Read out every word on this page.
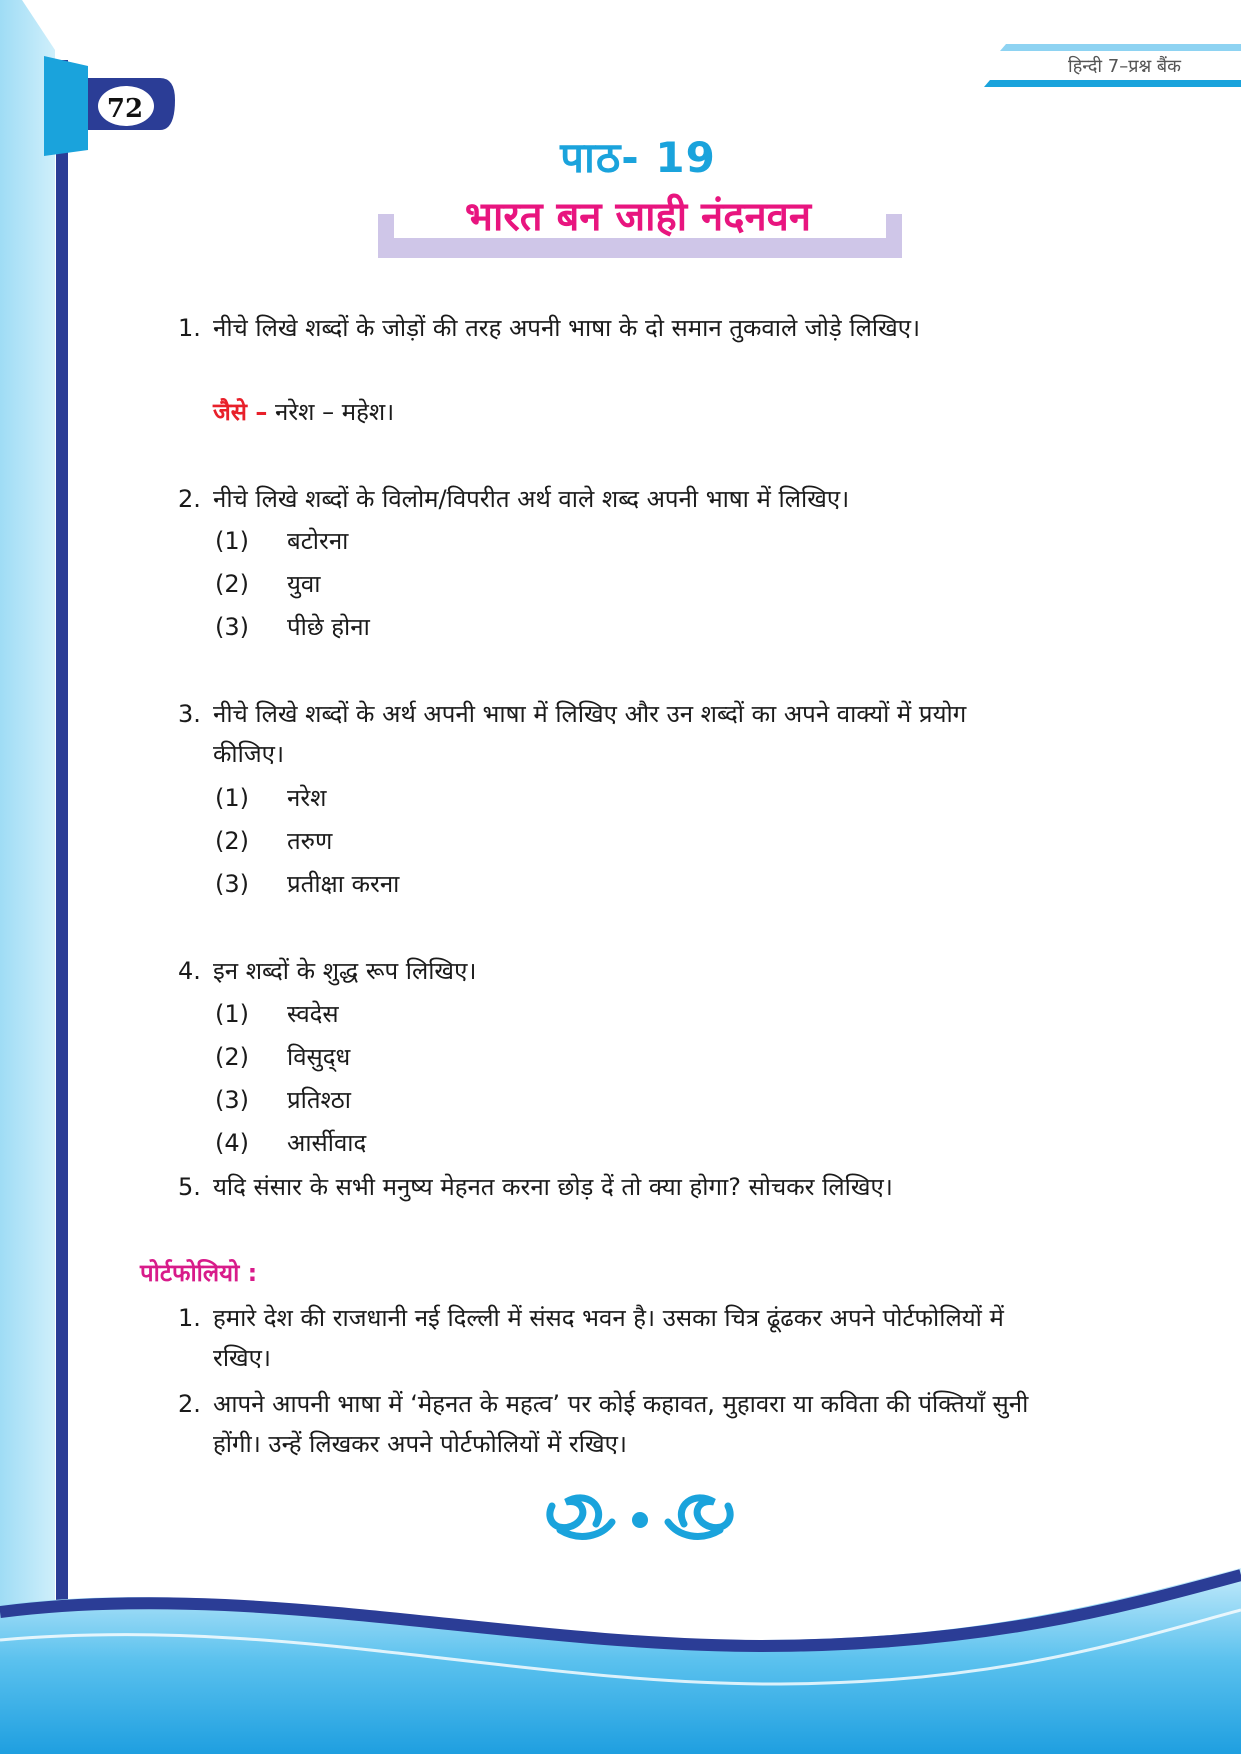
72
हिन्दी 7–प्रश्न बैंक
पाठ- 19
भारत बन जाही नंदनवन
1. नीचे लिखे शब्दों के जोड़ों की तरह अपनी भाषा के दो समान तुकवाले जोड़े लिखिए।
जैसे – नरेश – महेश।
2. नीचे लिखे शब्दों के विलोम/विपरीत अर्थ वाले शब्द अपनी भाषा में लिखिए।
(1) बटोरना
(2) युवा
(3) पीछे होना
3. नीचे लिखे शब्दों के अर्थ अपनी भाषा में लिखिए और उन शब्दों का अपने वाक्यों में प्रयोग
कीजिए।
(1) नरेश
(2) तरुण
(3) प्रतीक्षा करना
4. इन शब्दों के शुद्ध रूप लिखिए।
(1) स्वदेस
(2) विसुद्‌ध
(3) प्रतिश्ठा
(4) आर्सीवाद
5. यदि संसार के सभी मनुष्य मेहनत करना छोड़ दें तो क्या होगा? सोचकर लिखिए।
पोर्टफोलियो :
1. हमारे देश की राजधानी नई दिल्ली में संसद भवन है। उसका चित्र ढूंढकर अपने पोर्टफोलियों में
रखिए।
2. आपने आपनी भाषा में ‘मेहनत के महत्व’ पर कोई कहावत, मुहावरा या कविता की पंक्तियाँ सुनी
होंगी। उन्हें लिखकर अपने पोर्टफोलियों में रखिए।
